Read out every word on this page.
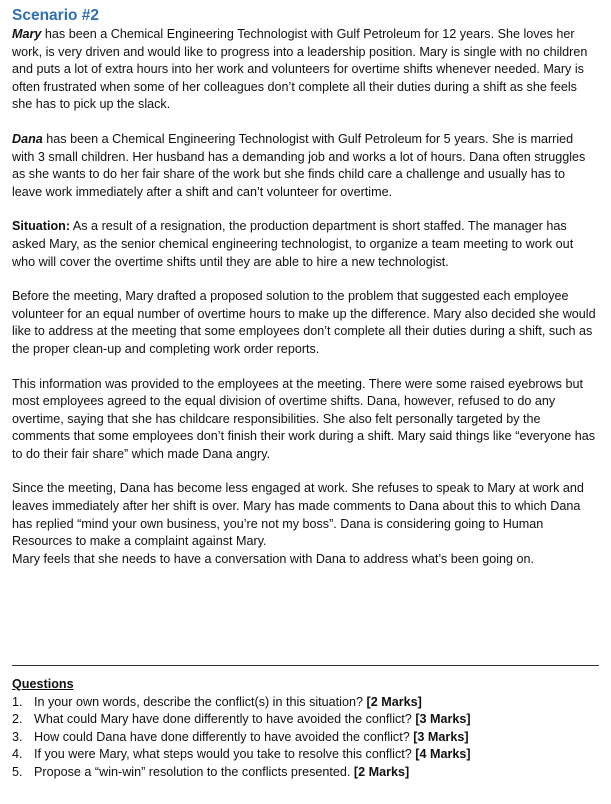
Scenario #2

Mary has been a Chemical Engineering Technologist with Gulf Petroleum for 12 years. She loves her work, is very driven and would like to progress into a leadership position. Mary is single with no children and puts a lot of extra hours into her work and volunteers for overtime shifts whenever needed. Mary is often frustrated when some of her colleagues don’t complete all their duties during a shift as she feels she has to pick up the slack.

Dana has been a Chemical Engineering Technologist with Gulf Petroleum for 5 years. She is married with 3 small children. Her husband has a demanding job and works a lot of hours. Dana often struggles as she wants to do her fair share of the work but she finds child care a challenge and usually has to leave work immediately after a shift and can’t volunteer for overtime.

Situation: As a result of a resignation, the production department is short staffed. The manager has asked Mary, as the senior chemical engineering technologist, to organize a team meeting to work out who will cover the overtime shifts until they are able to hire a new technologist.

Before the meeting, Mary drafted a proposed solution to the problem that suggested each employee volunteer for an equal number of overtime hours to make up the difference. Mary also decided she would like to address at the meeting that some employees don’t complete all their duties during a shift, such as the proper clean-up and completing work order reports.

This information was provided to the employees at the meeting. There were some raised eyebrows but most employees agreed to the equal division of overtime shifts. Dana, however, refused to do any overtime, saying that she has childcare responsibilities. She also felt personally targeted by the comments that some employees don’t finish their work during a shift. Mary said things like “everyone has to do their fair share” which made Dana angry.

Since the meeting, Dana has become less engaged at work. She refuses to speak to Mary at work and leaves immediately after her shift is over. Mary has made comments to Dana about this to which Dana has replied “mind your own business, you’re not my boss”. Dana is considering going to Human Resources to make a complaint against Mary.

Mary feels that she needs to have a conversation with Dana to address what’s been going on.

Questions

1. In your own words, describe the conflict(s) in this situation? [2 Marks]
2. What could Mary have done differently to have avoided the conflict? [3 Marks]
3. How could Dana have done differently to have avoided the conflict? [3 Marks]
4. If you were Mary, what steps would you take to resolve this conflict? [4 Marks]
5. Propose a “win-win” resolution to the conflicts presented. [2 Marks]
